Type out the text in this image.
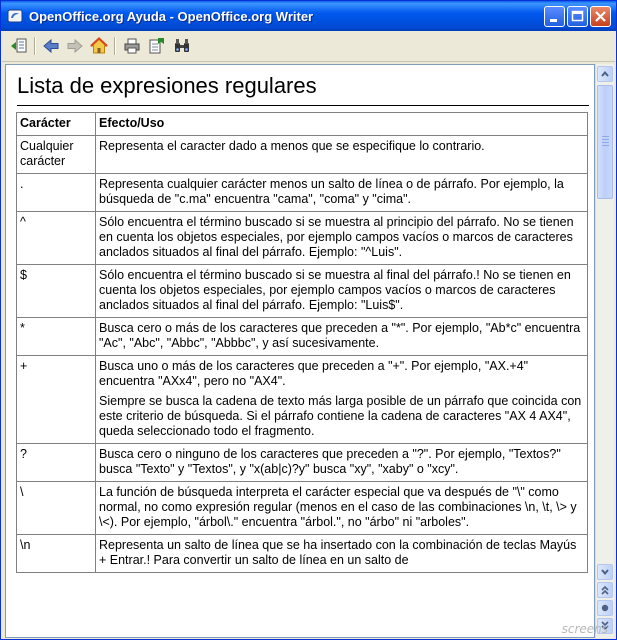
OpenOffice.org Ayuda - OpenOffice.org Writer
Lista de expresiones regulares
Carácter	Efecto/Uso
Cualquier carácter	Representa el caracter dado a menos que se especifique lo contrario.

.	Representa cualquier carácter menos un salto de línea o de párrafo. Por ejemplo, la búsqueda de "c.ma" encuentra "cama", "coma" y "cima".

^	Sólo encuentra el término buscado si se muestra al principio del párrafo. No se tienen en cuenta los objetos especiales, por ejemplo campos vacíos o marcos de caracteres anclados situados al final del párrafo. Ejemplo: "^Luis".

$	Sólo encuentra el término buscado si se muestra al final del párrafo.! No se tienen en cuenta los objetos especiales, por ejemplo campos vacíos o marcos de caracteres anclados situados al final del párrafo. Ejemplo: "Luis$".

*	Busca cero o más de los caracteres que preceden a "*". Por ejemplo, "Ab*c" encuentra "Ac", "Abc", "Abbc", "Abbbc", y así sucesivamente.

+	Busca uno o más de los caracteres que preceden a "+". Por ejemplo, "AX.+4" encuentra "AXx4", pero no "AX4".

Siempre se busca la cadena de texto más larga posible de un párrafo que coincida con este criterio de búsqueda. Si el párrafo contiene la cadena de caracteres "AX 4 AX4", queda seleccionado todo el fragmento.

?	Busca cero o ninguno de los caracteres que preceden a "?". Por ejemplo, "Textos?" busca "Texto" y "Textos", y "x(ab|c)?y" busca "xy", "xaby" o "xcy".

\	La función de búsqueda interpreta el carácter especial que va después de "\" como normal, no como expresión regular (menos en el caso de las combinaciones \n, \t, \> y \<). Por ejemplo, "árbol\." encuentra "árbol.", no "árbo" ni "arboles".

\n	Representa un salto de línea que se ha insertado con la combinación de teclas Mayús + Entrar.! Para convertir un salto de línea en un salto de

screens
